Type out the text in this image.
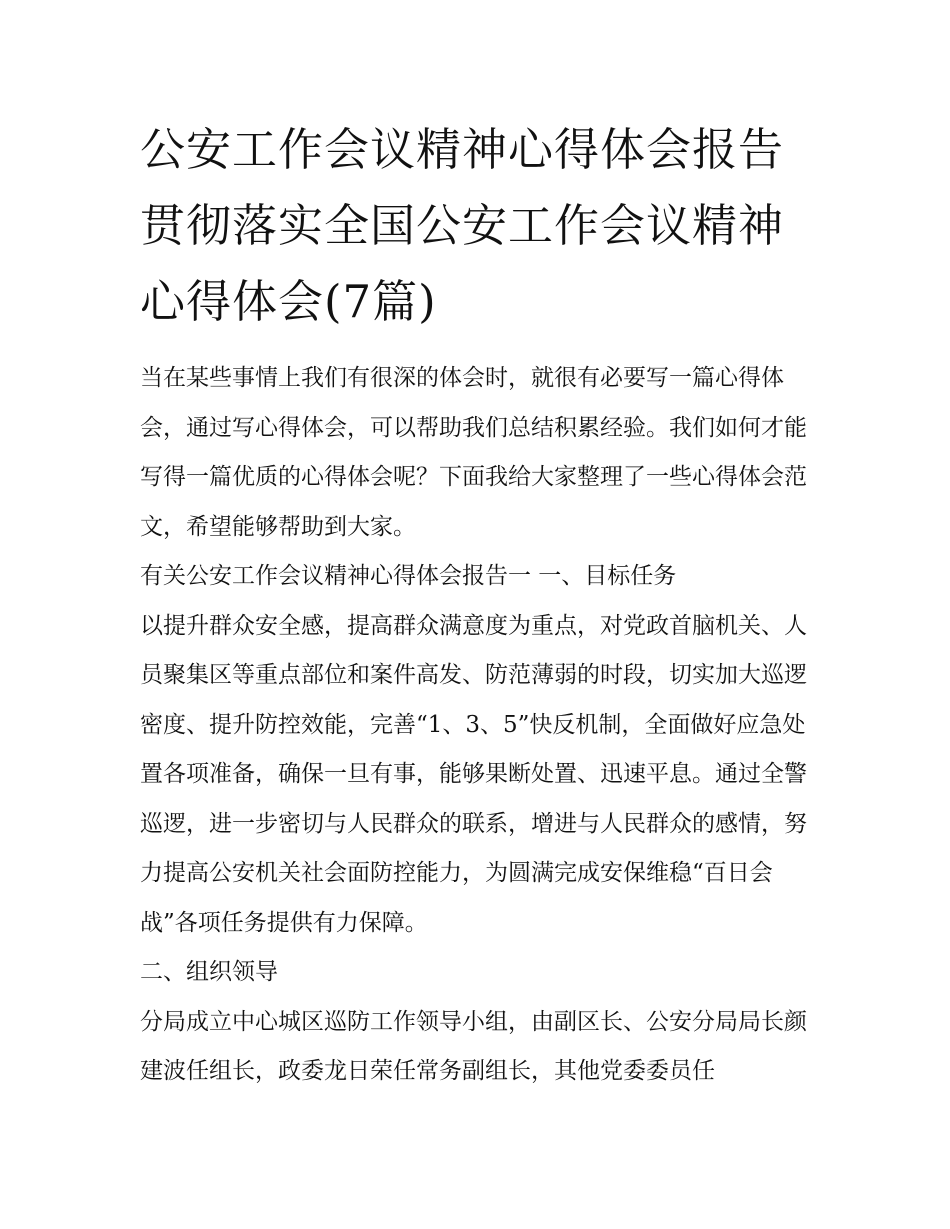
公安工作会议精神心得体会报告 贯彻落实全国公安工作会议精神心得体会(7篇)

当在某些事情上我们有很深的体会时，就很有必要写一篇心得体会，通过写心得体会，可以帮助我们总结积累经验。我们如何才能写得一篇优质的心得体会呢？下面我给大家整理了一些心得体会范文，希望能够帮助到大家。

有关公安工作会议精神心得体会报告一 一、目标任务

以提升群众安全感，提高群众满意度为重点，对党政首脑机关、人员聚集区等重点部位和案件高发、防范薄弱的时段，切实加大巡逻密度、提升防控效能，完善“1、3、5”快反机制，全面做好应急处置各项准备，确保一旦有事，能够果断处置、迅速平息。通过全警巡逻，进一步密切与人民群众的联系，增进与人民群众的感情，努力提高公安机关社会面防控能力，为圆满完成安保维稳“百日会战”各项任务提供有力保障。

二、组织领导

分局成立中心城区巡防工作领导小组，由副区长、公安分局局长颜建波任组长，政委龙日荣任常务副组长，其他党委委员任
